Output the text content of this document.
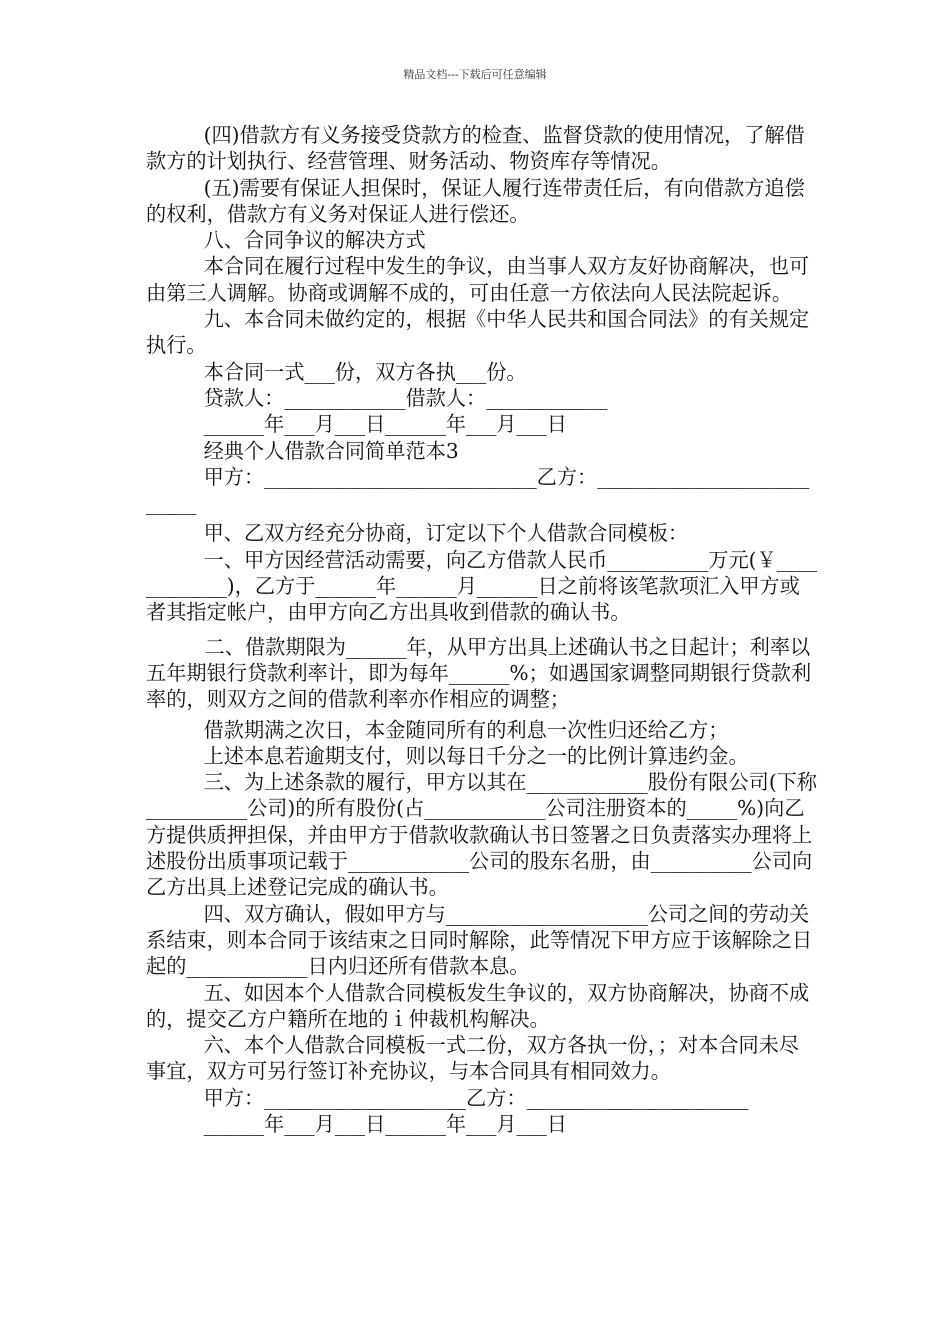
精品文档---下载后可任意编辑

(四)借款方有义务接受贷款方的检查、监督贷款的使用情况，了解借款方的计划执行、经营管理、财务活动、物资库存等情况。

(五)需要有保证人担保时，保证人履行连带责任后，有向借款方追偿的权利，借款方有义务对保证人进行偿还。

八、合同争议的解决方式

本合同在履行过程中发生的争议，由当事人双方友好协商解决，也可由第三人调解。协商或调解不成的，可由任意一方依法向人民法院起诉。

九、本合同未做约定的，根据《中华人民共和国合同法》的有关规定执行。

本合同一式___份，双方各执___份。

贷款人：____________借款人：____________

______年___月___日______年___月___日

经典个人借款合同简单范本3

甲方：___________________________乙方：__________________________

甲、乙双方经充分协商，订定以下个人借款合同模板：

一、甲方因经营活动需要，向乙方借款人民币__________万元(￥____________)，乙方于______年______月______日之前将该笔款项汇入甲方或者其指定帐户，由甲方向乙方出具收到借款的确认书。

二、借款期限为______年，从甲方出具上述确认书之日起计；利率以五年期银行贷款利率计，即为每年______%；如遇国家调整同期银行贷款利率的，则双方之间的借款利率亦作相应的调整；

借款期满之次日，本金随同所有的利息一次性归还给乙方；

上述本息若逾期支付，则以每日千分之一的比例计算违约金。

三、为上述条款的履行，甲方以其在____________股份有限公司(下称__________公司)的所有股份(占____________公司注册资本的_____%)向乙方提供质押担保，并由甲方于借款收款确认书日签署之日负责落实办理将上述股份出质事项记载于____________公司的股东名册，由__________公司向乙方出具上述登记完成的确认书。

四、双方确认，假如甲方与____________________公司之间的劳动关系结束，则本合同于该结束之日同时解除，此等情况下甲方应于该解除之日起的____________日内归还所有借款本息。

五、如因本个人借款合同模板发生争议的，双方协商解决，协商不成的，提交乙方户籍所在地的ｉ仲裁机构解决。

六、本个人借款合同模板一式二份，双方各执一份，；对本合同未尽事宜，双方可另行签订补充协议，与本合同具有相同效力。

甲方：____________________乙方：______________________

______年___月___日______年___月___日
